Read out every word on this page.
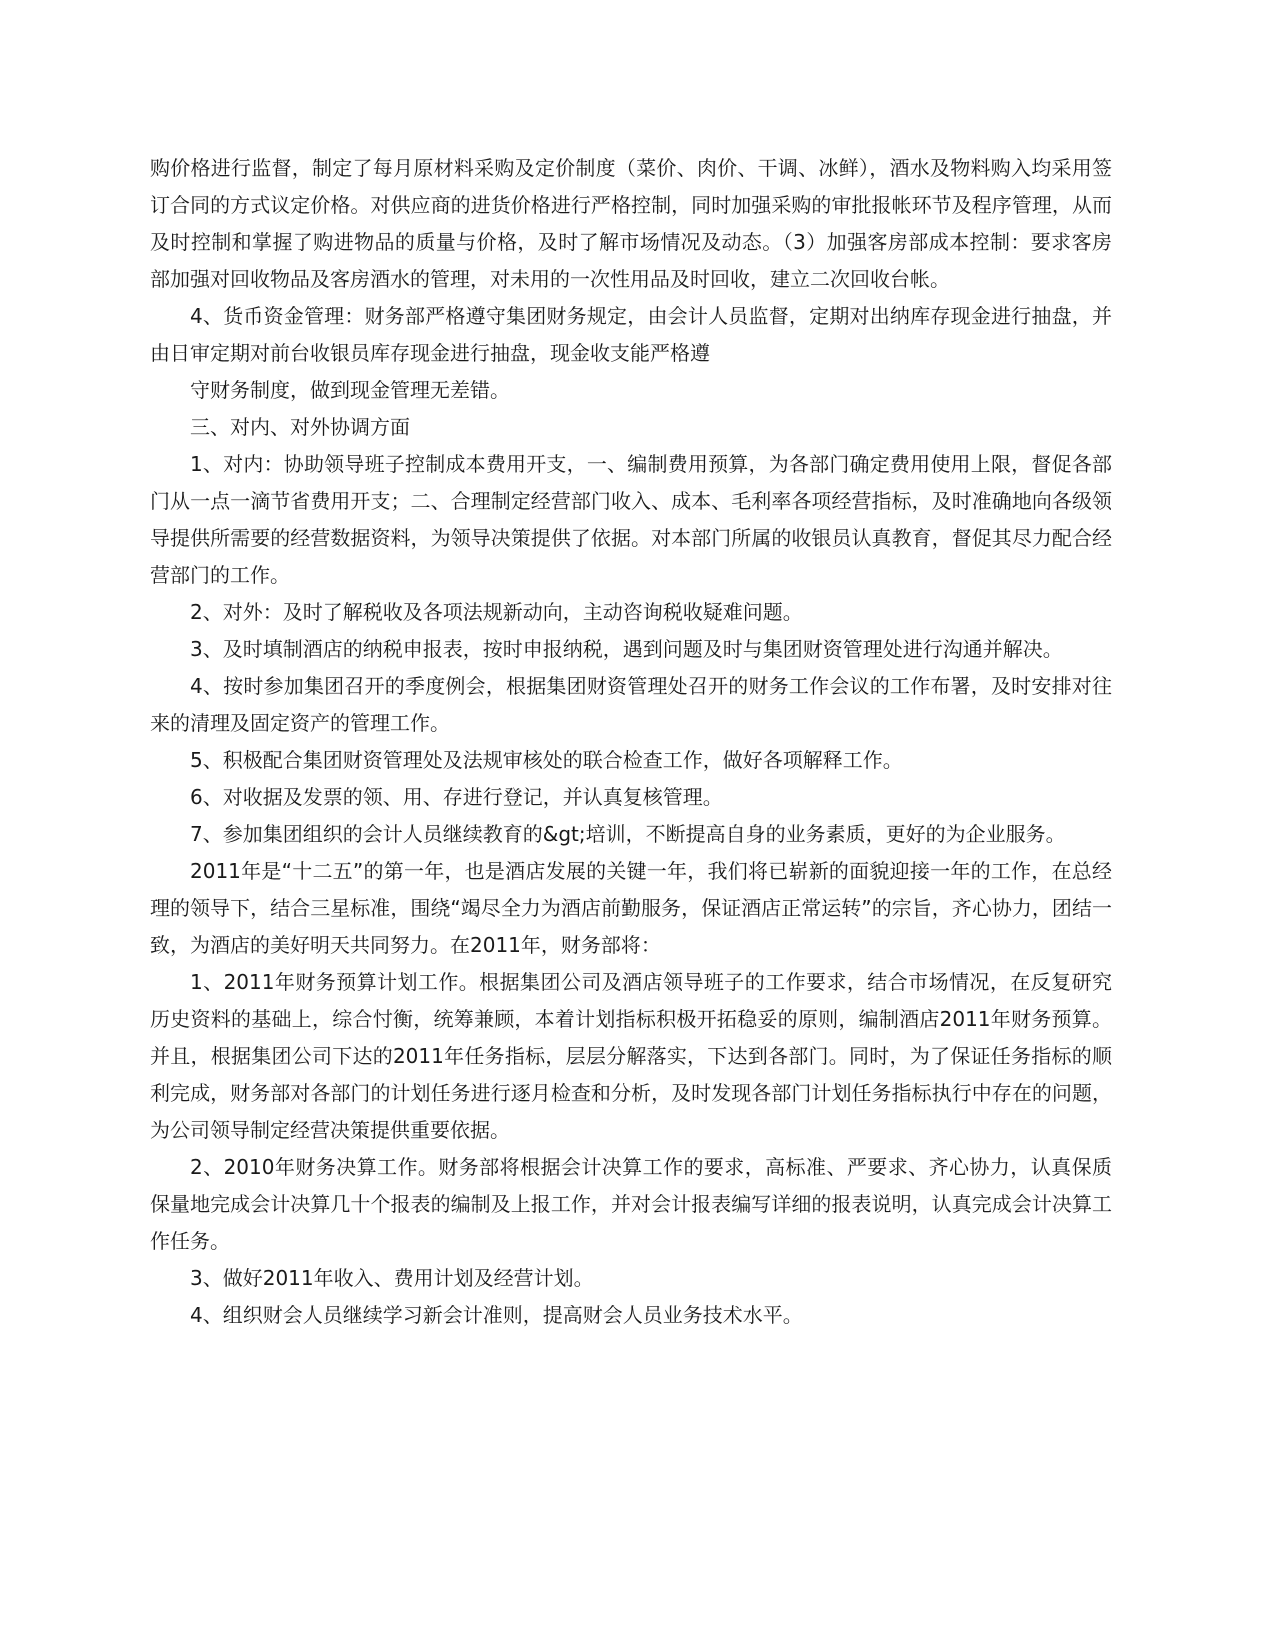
购价格进行监督，制定了每月原材料采购及定价制度（菜价、肉价、干调、冰鲜），酒水及物料购入均采用签订合同的方式议定价格。对供应商的进货价格进行严格控制，同时加强采购的审批报帐环节及程序管理，从而及时控制和掌握了购进物品的质量与价格，及时了解市场情况及动态。（3）加强客房部成本控制：要求客房部加强对回收物品及客房酒水的管理，对未用的一次性用品及时回收，建立二次回收台帐。

4、货币资金管理：财务部严格遵守集团财务规定，由会计人员监督，定期对出纳库存现金进行抽盘，并由日审定期对前台收银员库存现金进行抽盘，现金收支能严格遵

守财务制度，做到现金管理无差错。

三、对内、对外协调方面

1、对内：协助领导班子控制成本费用开支，一、编制费用预算，为各部门确定费用使用上限，督促各部门从一点一滴节省费用开支；二、合理制定经营部门收入、成本、毛利率各项经营指标，及时准确地向各级领导提供所需要的经营数据资料，为领导决策提供了依据。对本部门所属的收银员认真教育，督促其尽力配合经营部门的工作。

2、对外：及时了解税收及各项法规新动向，主动咨询税收疑难问题。

3、及时填制酒店的纳税申报表，按时申报纳税，遇到问题及时与集团财资管理处进行沟通并解决。

4、按时参加集团召开的季度例会，根据集团财资管理处召开的财务工作会议的工作布署，及时安排对往来的清理及固定资产的管理工作。

5、积极配合集团财资管理处及法规审核处的联合检查工作，做好各项解释工作。

6、对收据及发票的领、用、存进行登记，并认真复核管理。

7、参加集团组织的会计人员继续教育的&gt;培训，不断提高自身的业务素质，更好的为企业服务。

2011年是“十二五”的第一年，也是酒店发展的关键一年，我们将已崭新的面貌迎接一年的工作，在总经理的领导下，结合三星标准，围绕“竭尽全力为酒店前勤服务，保证酒店正常运转”的宗旨，齐心协力，团结一致，为酒店的美好明天共同努力。在2011年，财务部将：

1、2011年财务预算计划工作。根据集团公司及酒店领导班子的工作要求，结合市场情况，在反复研究历史资料的基础上，综合忖衡，统筹兼顾，本着计划指标积极开拓稳妥的原则，编制酒店2011年财务预算。并且，根据集团公司下达的2011年任务指标，层层分解落实，下达到各部门。同时，为了保证任务指标的顺利完成，财务部对各部门的计划任务进行逐月检查和分析，及时发现各部门计划任务指标执行中存在的问题，为公司领导制定经营决策提供重要依据。

2、2010年财务决算工作。财务部将根据会计决算工作的要求，高标准、严要求、齐心协力，认真保质保量地完成会计决算几十个报表的编制及上报工作，并对会计报表编写详细的报表说明，认真完成会计决算工作任务。

3、做好2011年收入、费用计划及经营计划。

4、组织财会人员继续学习新会计准则，提高财会人员业务技术水平。
